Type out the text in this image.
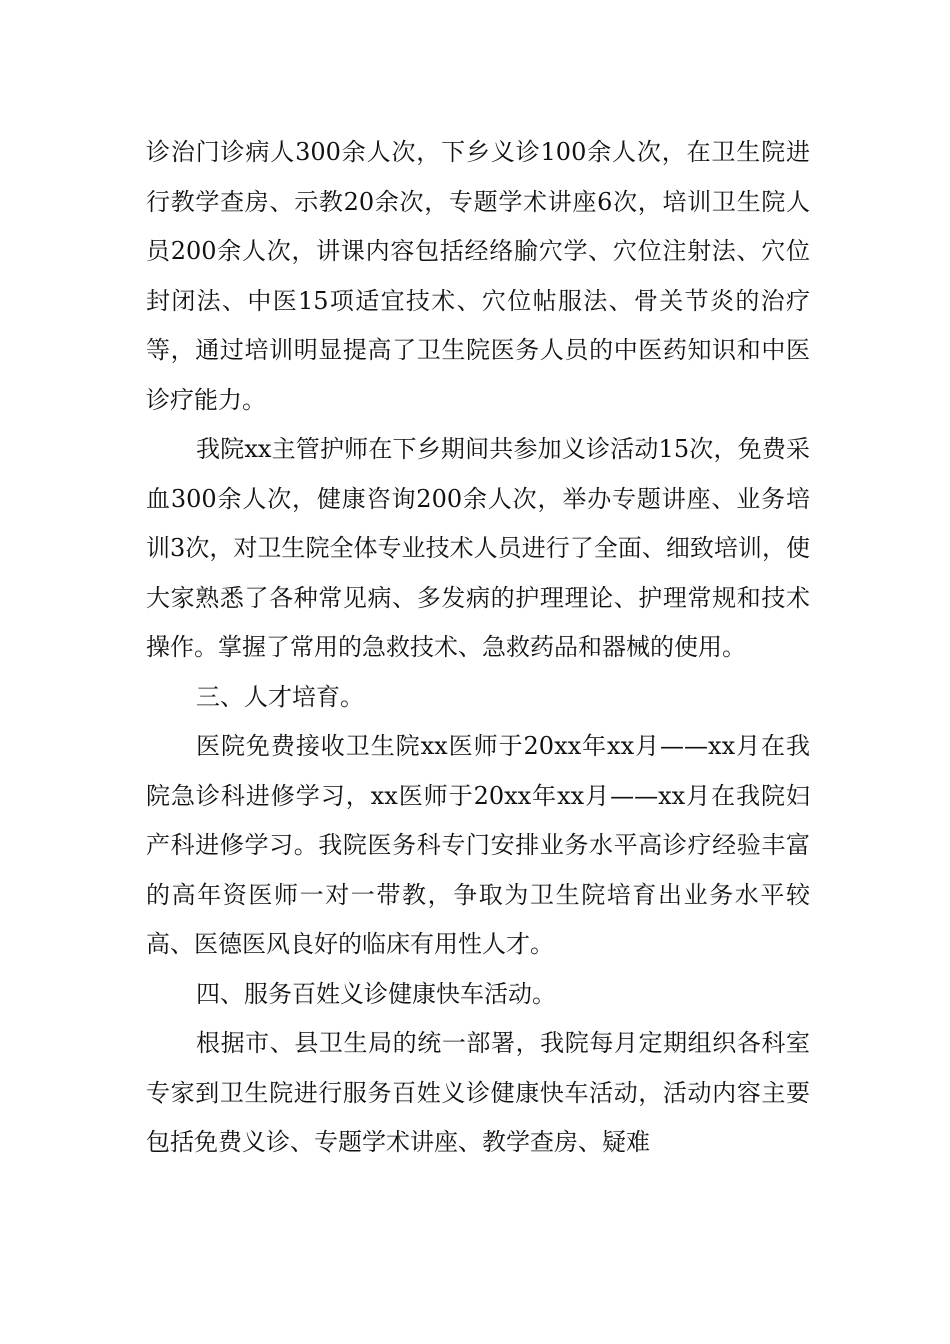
诊治门诊病人300余人次，下乡义诊100余人次，在卫生院进行教学查房、示教20余次，专题学术讲座6次，培训卫生院人员200余人次，讲课内容包括经络腧穴学、穴位注射法、穴位封闭法、中医15项适宜技术、穴位帖服法、骨关节炎的治疗等，通过培训明显提高了卫生院医务人员的中医药知识和中医诊疗能力。

我院xx主管护师在下乡期间共参加义诊活动15次，免费采血300余人次，健康咨询200余人次，举办专题讲座、业务培训3次，对卫生院全体专业技术人员进行了全面、细致培训，使大家熟悉了各种常见病、多发病的护理理论、护理常规和技术操作。掌握了常用的急救技术、急救药品和器械的使用。

三、人才培育。

医院免费接收卫生院xx医师于20xx年xx月——xx月在我院急诊科进修学习，xx医师于20xx年xx月——xx月在我院妇产科进修学习。我院医务科专门安排业务水平高诊疗经验丰富的高年资医师一对一带教，争取为卫生院培育出业务水平较高、医德医风良好的临床有用性人才。

四、服务百姓义诊健康快车活动。

根据市、县卫生局的统一部署，我院每月定期组织各科室专家到卫生院进行服务百姓义诊健康快车活动，活动内容主要包括免费义诊、专题学术讲座、教学查房、疑难
